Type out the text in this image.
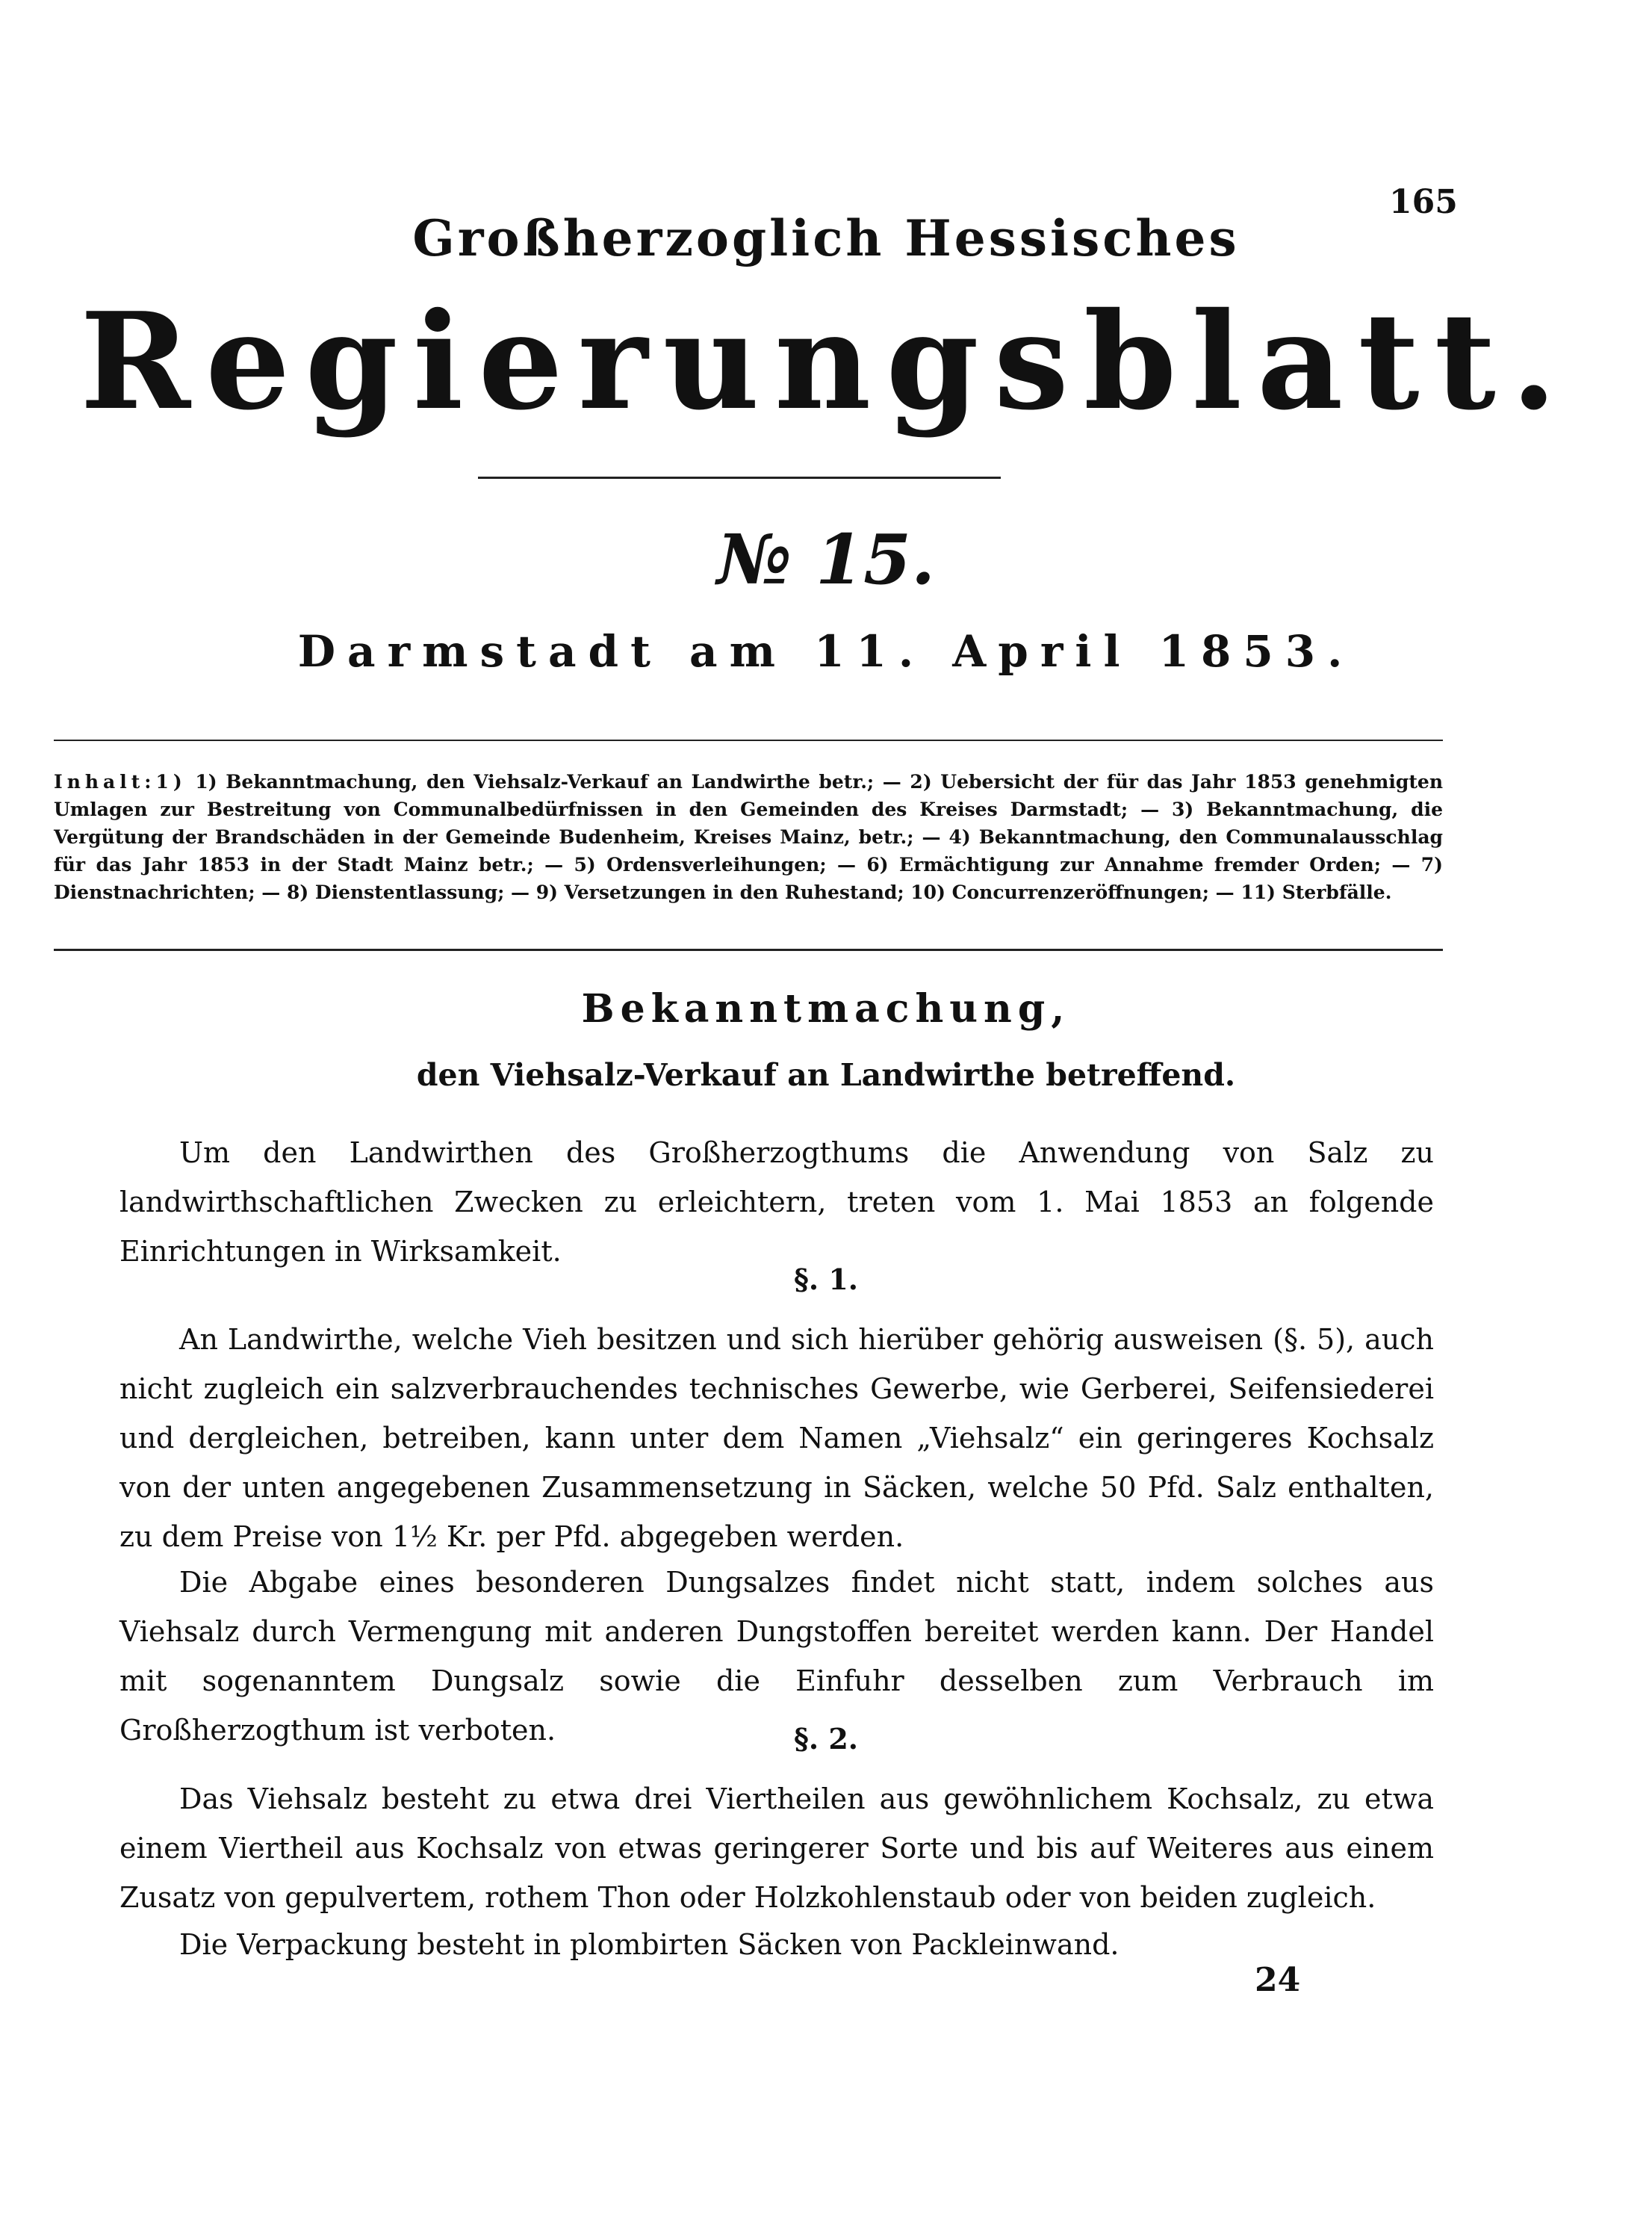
165
Großherzoglich Hessisches
Regierungsblatt.
№ 15.
Darmstadt am 11. April 1853.
Inhalt:1) 1) Bekanntmachung, den Viehsalz-Verkauf an Landwirthe betr.; — 2) Uebersicht der für das Jahr 1853 genehmigten Umlagen zur Bestreitung von Communalbedürfnissen in den Gemeinden des Kreises Darmstadt; — 3) Bekanntmachung, die Vergütung der Brandschäden in der Gemeinde Budenheim, Kreises Mainz, betr.; — 4) Bekanntmachung, den Communalausschlag für das Jahr 1853 in der Stadt Mainz betr.; — 5) Ordensverleihungen; — 6) Ermächtigung zur Annahme fremder Orden; — 7) Dienstnachrichten; — 8) Dienstentlassung; — 9) Versetzungen in den Ruhestand; 10) Concurrenzeröffnungen; — 11) Sterbfälle.
Bekanntmachung,
den Viehsalz-Verkauf an Landwirthe betreffend.

Um den Landwirthen des Großherzogthums die Anwendung von Salz zu landwirthschaftlichen Zwecken zu erleichtern, treten vom 1. Mai 1853 an folgende Einrichtungen in Wirksamkeit.

§. 1.

An Landwirthe, welche Vieh besitzen und sich hierüber gehörig ausweisen (§. 5), auch nicht zugleich ein salzverbrauchendes technisches Gewerbe, wie Gerberei, Seifensiederei und dergleichen, betreiben, kann unter dem Namen „Viehsalz“ ein geringeres Kochsalz von der unten angegebenen Zusammensetzung in Säcken, welche 50 Pfd. Salz enthalten, zu dem Preise von 1½ Kr. per Pfd. abgegeben werden.

Die Abgabe eines besonderen Dungsalzes findet nicht statt, indem solches aus Viehsalz durch Vermengung mit anderen Dungstoffen bereitet werden kann. Der Handel mit sogenanntem Dungsalz sowie die Einfuhr desselben zum Verbrauch im Großherzogthum ist verboten.	§. 2.

Das Viehsalz besteht zu etwa drei Viertheilen aus gewöhnlichem Kochsalz, zu etwa einem Viertheil aus Kochsalz von etwas geringerer Sorte und bis auf Weiteres aus einem Zusatz von gepulvertem, rothem Thon oder Holzkohlenstaub oder von beiden zugleich.

Die Verpackung besteht in plombirten Säcken von Packleinwand.

24
